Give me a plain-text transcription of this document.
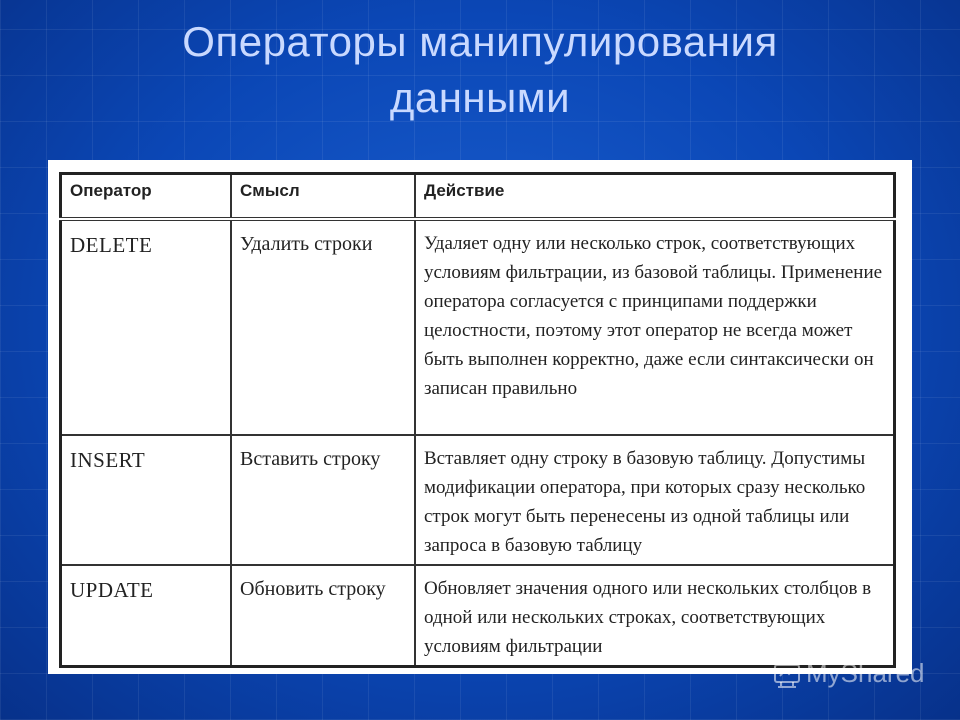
Операторы манипулирования
данными
Оператор	Смысл	Действие
DELETE	Удалить строки	Удаляет одну или несколько строк, соответствующих условиям фильтрации, из базовой таблицы. Применение оператора согласуется с принципами поддержки целостности, поэтому этот оператор не всегда может быть выполнен корректно, даже если синтаксически он записан правильно
INSERT	Вставить строку	Вставляет одну строку в базовую таблицу. Допустимы модификации оператора, при которых сразу несколько строк могут быть перенесены из одной таблицы или запроса в базовую таблицу
UPDATE	Обновить строку	Обновляет значения одного или нескольких столбцов в одной или нескольких строках, соответствующих условиям фильтрации
MyShared
